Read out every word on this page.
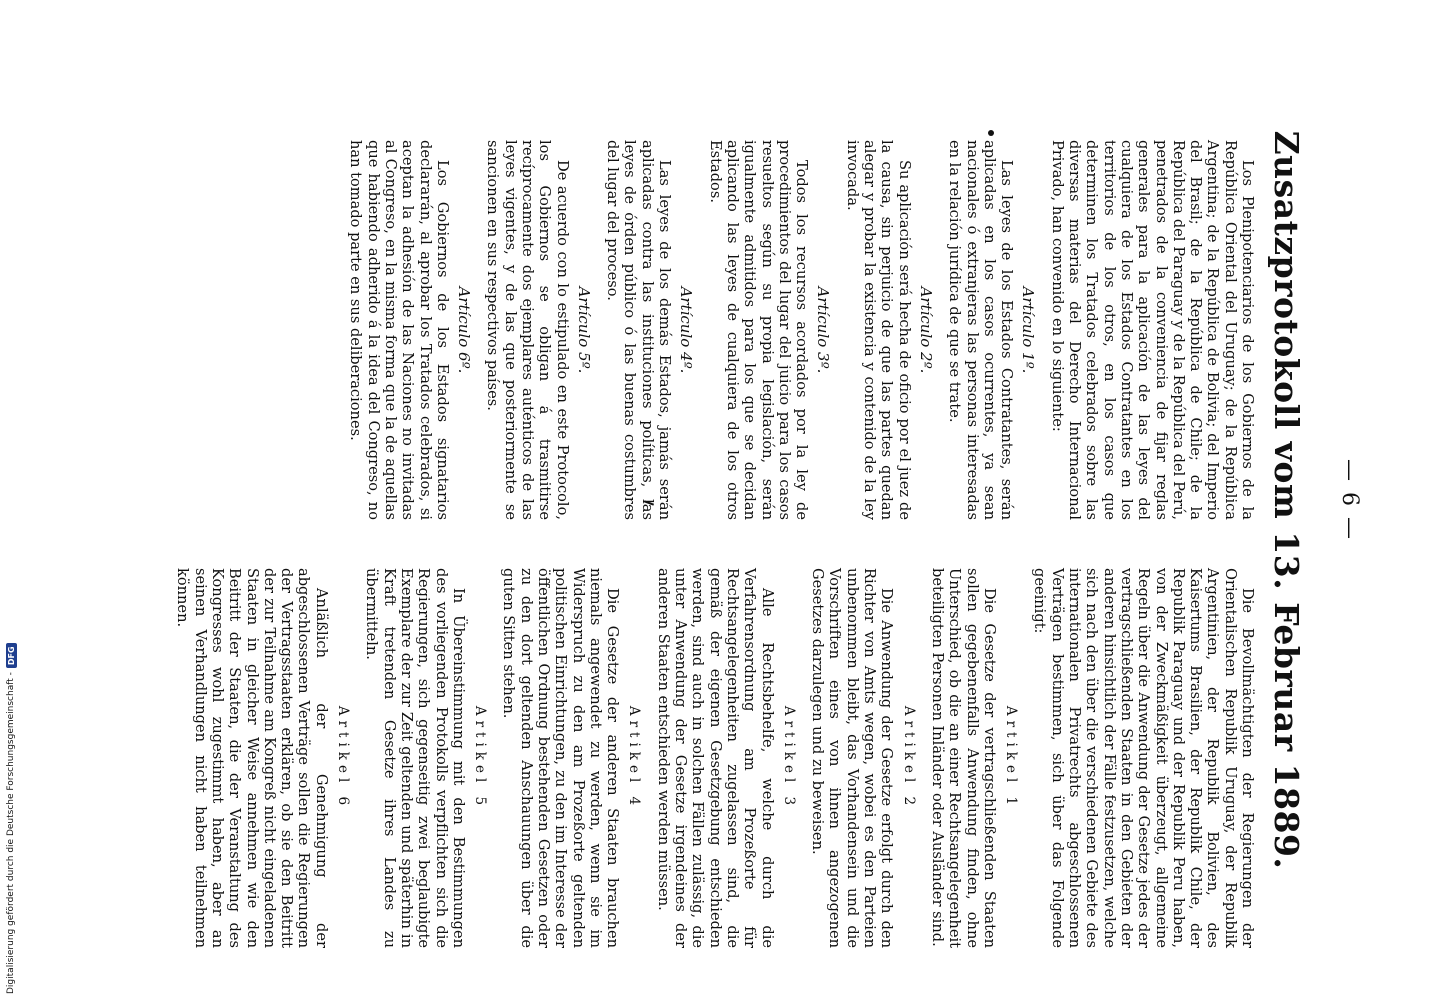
— 6 —
Zusatzprotokoll vom 13. Februar 1889.

Los Plenipotenciarios de los Gobiernos de la República Oriental del Uruguay; de la República Argentina; de la República de Bolivia; del Imperio del Brasil; de la República de Chile; de la República del Paraguay y de la República del Perú, penetrados de la conveniencia de fijar reglas generales para la aplicación de las leyes del cualquiera de los Estados Contratantes en los territorios de los otros, en los casos que determinen los Tratados celebrados sobre las diversas materias del Derecho Internacional Privado, han convenido en lo siguiente:

Artículo 1º.

Las leyes de los Estados Contratantes, serán aplicadas en los casos ocurrentes, ya sean nacionales ó extranjeras las personas interesadas en la relación jurídica de que se trate.

Artículo 2º.

Su aplicación será hecha de oficio por el juez de la causa, sin perjuicio de que las partes quedan alegar y probar la existencia y contenido de la ley invocada.

Artículo 3º.

Todos los recursos acordados por la ley de procedimientos del lugar del juicio para los casos resueltos según su propia legislación, serán igualmente admitidos para los que se decidan aplicando las leyes de cualquiera de los otros Estados.

Artículo 4º.

Las leyes de los demás Estados, jamás serán aplicadas contra las instituciones políticas, las leyes de órden público ó las buenas costumbres del lugar del proceso.

Artículo 5º.

De acuerdo con lo estipulado en este Protocolo, los Gobiernos se obligan á trasmitirse recíprocamente dos ejemplares auténticos de las leyes vigentes, y de las que posteriormente se sancionen en sus respectivos países.

Artículo 6º.

Los Gobiernos de los Estados signatarios declararán, al aprobar los Tratados celebrados, si aceptan la adhesión de las Naciones no invitadas al Congreso, en la misma forma que la de aquellas que habiendo adherido á la idea del Congreso, no han tomado parte en sus deliberaciones.

Die Bevollmächtigten der Regierungen der Orientalischen Republik Uruguay, der Republik Argentinien, der Republik Bolivien, des Kaisertums Brasilien, der Republik Chile, der Republik Paraguay und der Republik Peru haben, von der Zweckmäßigkeit überzeugt, allgemeine Regeln über die Anwendung der Gesetze jedes der vertragschließenden Staaten in den Gebieten der anderen hinsichtlich der Fälle festzusetzen, welche sich nach den über die verschiedenen Gebiete des internationalen Privatrechts abgeschlossenen Verträgen bestimmen, sich über das Folgende geeinigt:

Artikel 1

Die Gesetze der vertragschließenden Staaten sollen gegebenenfalls Anwendung finden, ohne Unterschied, ob die an einer Rechtsangelegenheit beteiligten Personen Inländer oder Ausländer sind.

Artikel 2

Die Anwendung der Gesetze erfolgt durch den Richter von Amts wegen, wobei es den Parteien unbenommen bleibt, das Vorhandensein und die Vorschriften eines von ihnen angezogenen Gesetzes darzulegen und zu beweisen.

Artikel 3

Alle Rechtsbehelfe, welche durch die Verfahrensordnung am Prozeßorte für Rechtsangelegenheiten zugelassen sind, die gemäß der eigenen Gesetzgebung entschieden werden, sind auch in solchen Fällen zulässig, die unter Anwendung der Gesetze irgendeines der anderen Staaten entschieden werden müssen.

Artikel 4

Die Gesetze der anderen Staaten brauchen niemals angewendet zu werden, wenn sie im Widerspruch zu den am Prozeßorte geltenden politischen Einrichtungen, zu den im Interesse der öffentlichen Ordnung bestehenden Gesetzen oder zu den dort geltenden Anschauungen über die guten Sitten stehen.

Artikel 5

In Übereinstimmung mit den Bestimmungen des vorliegenden Protokolls verpflichten sich die Regierungen, sich gegenseitig zwei beglaubigte Exemplare der zur Zeit geltenden und späterhin in Kraft tretenden Gesetze ihres Landes zu übermitteln.

Artikel 6

Anläßlich der Genehmigung der abgeschlossenen Verträge sollen die Regierungen der Vertragsstaaten erklären, ob sie den Beitritt der zur Teilnahme am Kongreß nicht eingeladenen Staaten in gleicher Weise annehmen wie den Beitritt der Staaten, die der Veranstaltung des Kongresses wohl zugestimmt haben, aber an seinen Verhandlungen nicht haben teilnehmen können.

Digitalisierung gefördert durch die Deutsche Forschungsgemeinschaft -
DFG
